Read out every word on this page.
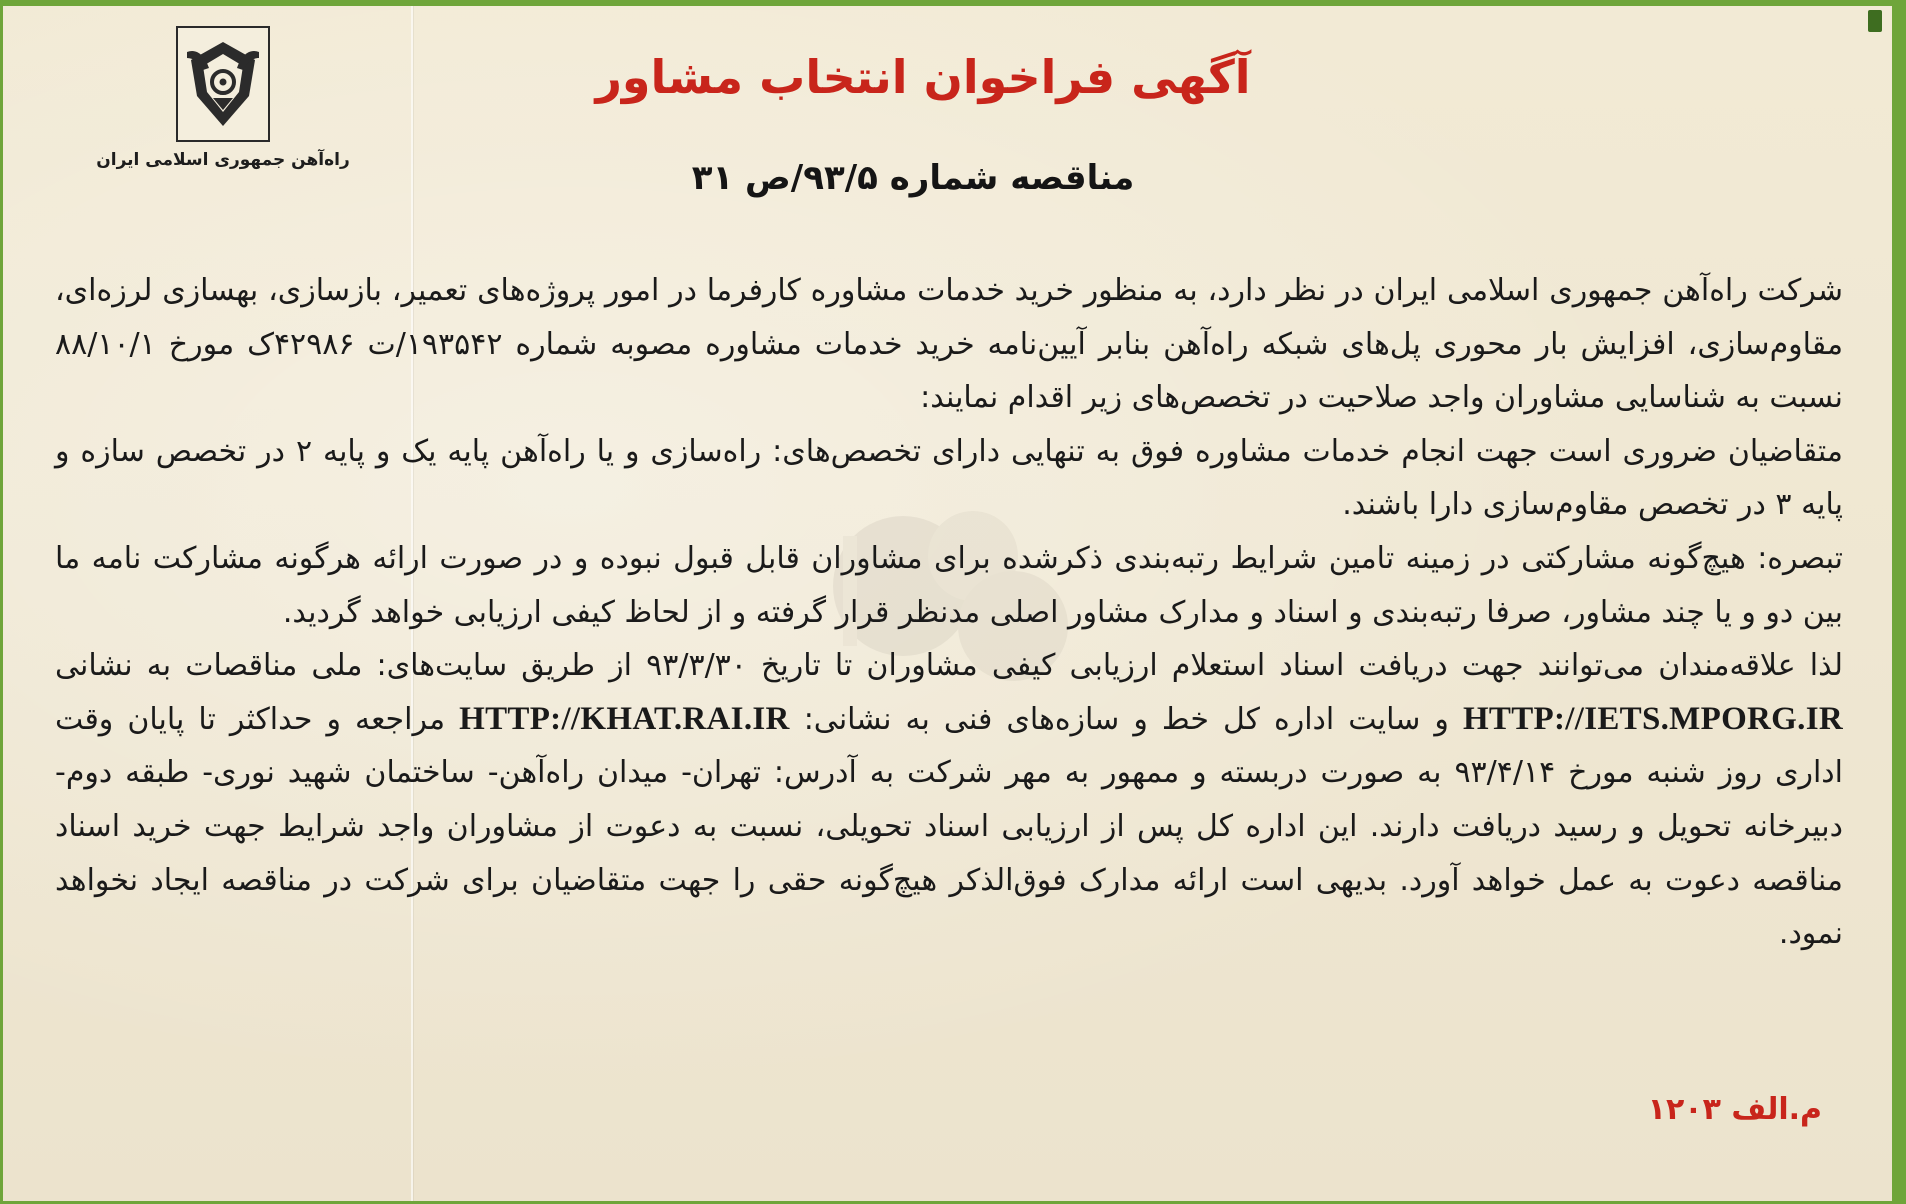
راه‌آهن جمهوری اسلامی ایران
آگهی فراخوان انتخاب مشاور
مناقصه شماره ۹۳/۵/ص ۳۱

شرکت راه‌آهن جمهوری اسلامی ایران در نظر دارد، به منظور خرید خدمات مشاوره کارفرما در امور پروژه‌های تعمیر، بازسازی، بهسازی لرزه‌ای، مقاوم‌سازی، افزایش بار محوری پل‌های شبکه راه‌آهن بنابر آیین‌نامه خرید خدمات مشاوره مصوبه شماره ۱۹۳۵۴۲/ت ۴۲۹۸۶ک مورخ ۸۸/۱۰/۱ نسبت به شناسایی مشاوران واجد صلاحیت در تخصص‌های زیر اقدام نمایند:

متقاضیان ضروری است جهت انجام خدمات مشاوره فوق به تنهایی دارای تخصص‌های: راه‌سازی و یا راه‌آهن پایه یک و پایه ۲ در تخصص سازه و پایه ۳ در تخصص مقاوم‌سازی دارا باشند.

تبصره: هیچ‌گونه مشارکتی در زمینه تامین شرایط رتبه‌بندی ذکرشده برای مشاوران قابل قبول نبوده و در صورت ارائه هرگونه مشارکت نامه ما بین دو و یا چند مشاور، صرفا رتبه‌بندی و اسناد و مدارک مشاور اصلی مدنظر قرار گرفته و از لحاظ کیفی ارزیابی خواهد گردید.

لذا علاقه‌مندان می‌توانند جهت دریافت اسناد استعلام ارزیابی کیفی مشاوران تا تاریخ ۹۳/۳/۳۰ از طریق سایت‌های: ملی مناقصات به نشانی HTTP://IETS.MPORG.IR و سایت اداره کل خط و سازه‌های فنی به نشانی: HTTP://KHAT.RAI.IR مراجعه و حداکثر تا پایان وقت اداری روز شنبه مورخ ۹۳/۴/۱۴ به صورت دربسته و ممهور به مهر شرکت به آدرس: تهران- میدان راه‌آهن- ساختمان شهید نوری- طبقه دوم- دبیرخانه تحویل و رسید دریافت دارند. این اداره کل پس از ارزیابی اسناد تحویلی، نسبت به دعوت از مشاوران واجد شرایط جهت خرید اسناد مناقصه دعوت به عمل خواهد آورد. بدیهی است ارائه مدارک فوق‌الذکر هیچ‌گونه حقی را جهت متقاضیان برای شرکت در مناقصه ایجاد نخواهد نمود.

م.الف ۱۲۰۳
